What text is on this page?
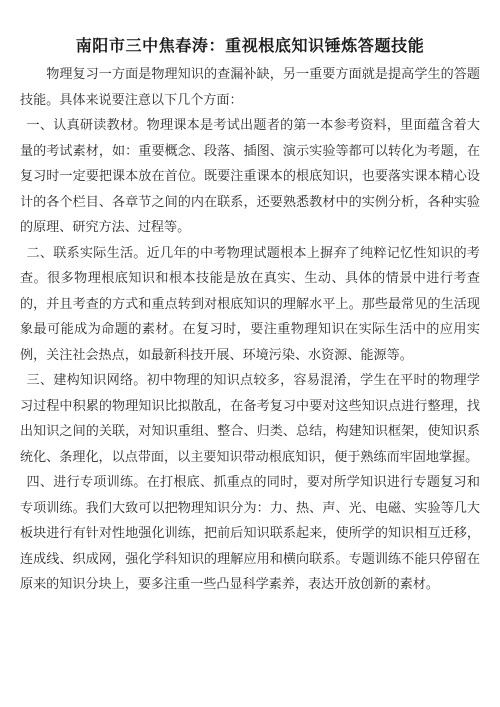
南阳市三中焦春涛：重视根底知识锤炼答题技能

物理复习一方面是物理知识的查漏补缺，另一重要方面就是提高学生的答题技能。具体来说要注意以下几个方面：

一、认真研读教材。物理课本是考试出题者的第一本参考资料，里面蕴含着大量的考试素材，如：重要概念、段落、插图、演示实验等都可以转化为考题，在复习时一定要把课本放在首位。既要注重课本的根底知识，也要落实课本精心设计的各个栏目、各章节之间的内在联系，还要熟悉教材中的实例分析，各种实验的原理、研究方法、过程等。

二、联系实际生活。近几年的中考物理试题根本上摒弃了纯粹记忆性知识的考查。很多物理根底知识和根本技能是放在真实、生动、具体的情景中进行考查的，并且考查的方式和重点转到对根底知识的理解水平上。那些最常见的生活现象最可能成为命题的素材。在复习时，要注重物理知识在实际生活中的应用实例，关注社会热点，如最新科技开展、环境污染、水资源、能源等。

三、建构知识网络。初中物理的知识点较多，容易混淆，学生在平时的物理学习过程中积累的物理知识比拟散乱，在备考复习中要对这些知识点进行整理，找出知识之间的关联，对知识重组、整合、归类、总结，构建知识框架，使知识系统化、条理化，以点带面，以主要知识带动根底知识，便于熟练而牢固地掌握。

四、进行专项训练。在打根底、抓重点的同时，要对所学知识进行专题复习和专项训练。我们大致可以把物理知识分为：力、热、声、光、电磁、实验等几大板块进行有针对性地强化训练，把前后知识联系起来，使所学的知识相互迁移，连成线、织成网，强化学科知识的理解应用和横向联系。专题训练不能只停留在原来的知识分块上，要多注重一些凸显科学素养，表达开放创新的素材。
